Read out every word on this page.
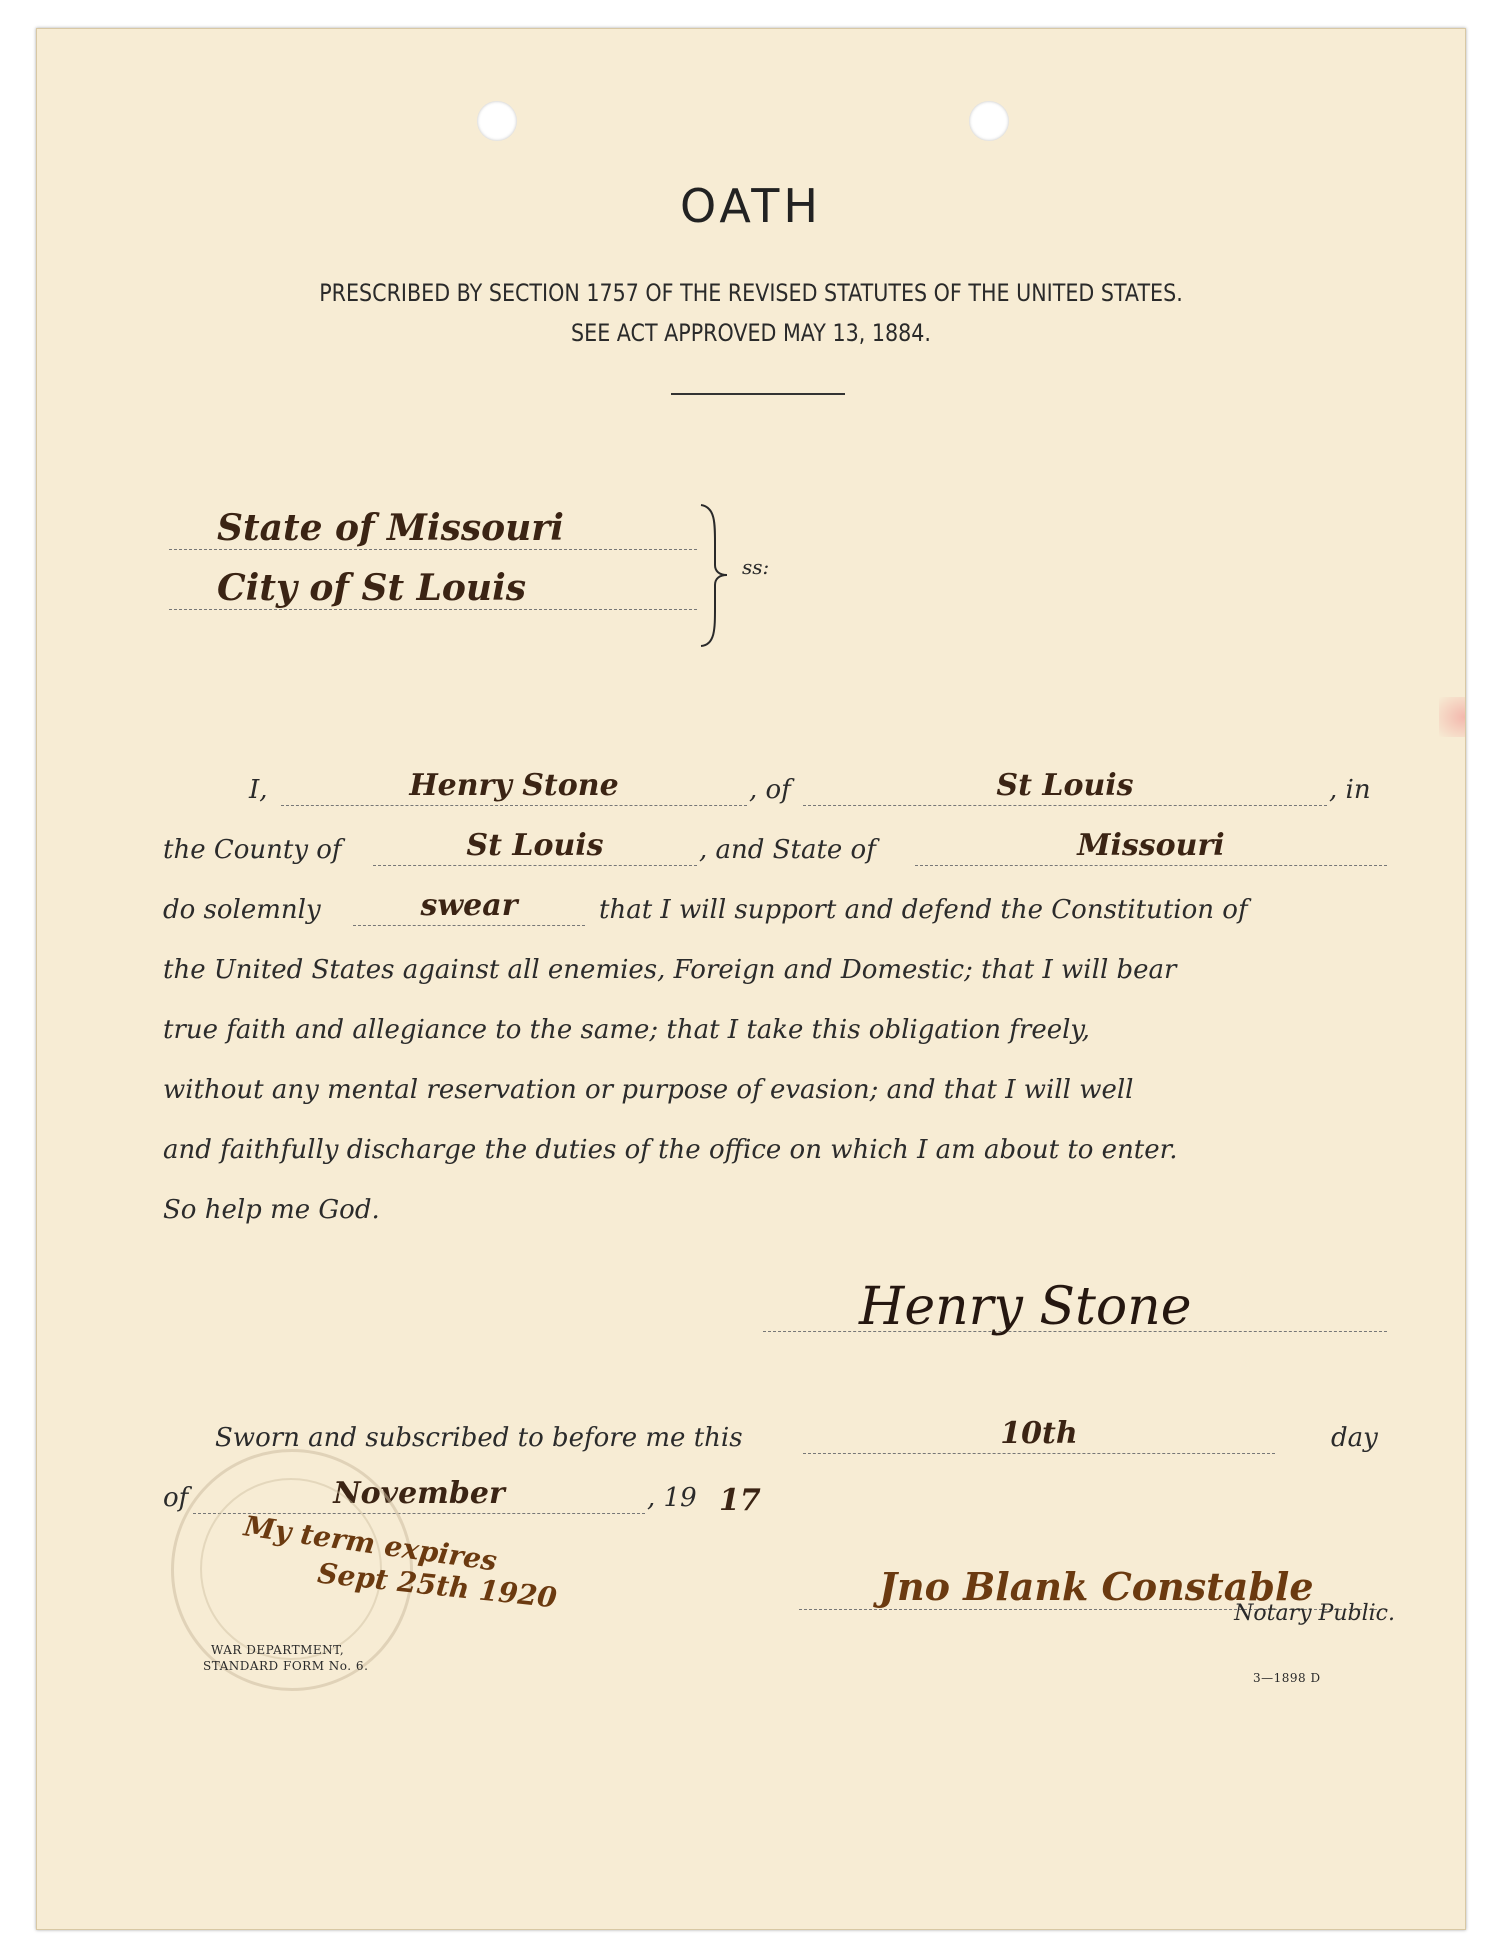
OATH
PRESCRIBED BY SECTION 1757 OF THE REVISED STATUTES OF THE UNITED STATES.
SEE ACT APPROVED MAY 13, 1884.
State of Missouri
City of St Louis	ss:
I,	Henry Stone	, of	St Louis	, in
the County of	St Louis	, and State of	Missouri
do solemnly	swear	that I will support and defend the Constitution of
the United States against all enemies, Foreign and Domestic; that I will bear
true faith and allegiance to the same; that I take this obligation freely,
without any mental reservation or purpose of evasion; and that I will well
and faithfully discharge the duties of the office on which I am about to enter.
So help me God.
Henry Stone
Sworn and subscribed to before me this	10th	day
of	November	, 19 17
My term expires
Sept 25th 1920	Jno Blank Constable
Notary Public.
WAR DEPARTMENT,
STANDARD FORM No. 6.
3—1898 D
